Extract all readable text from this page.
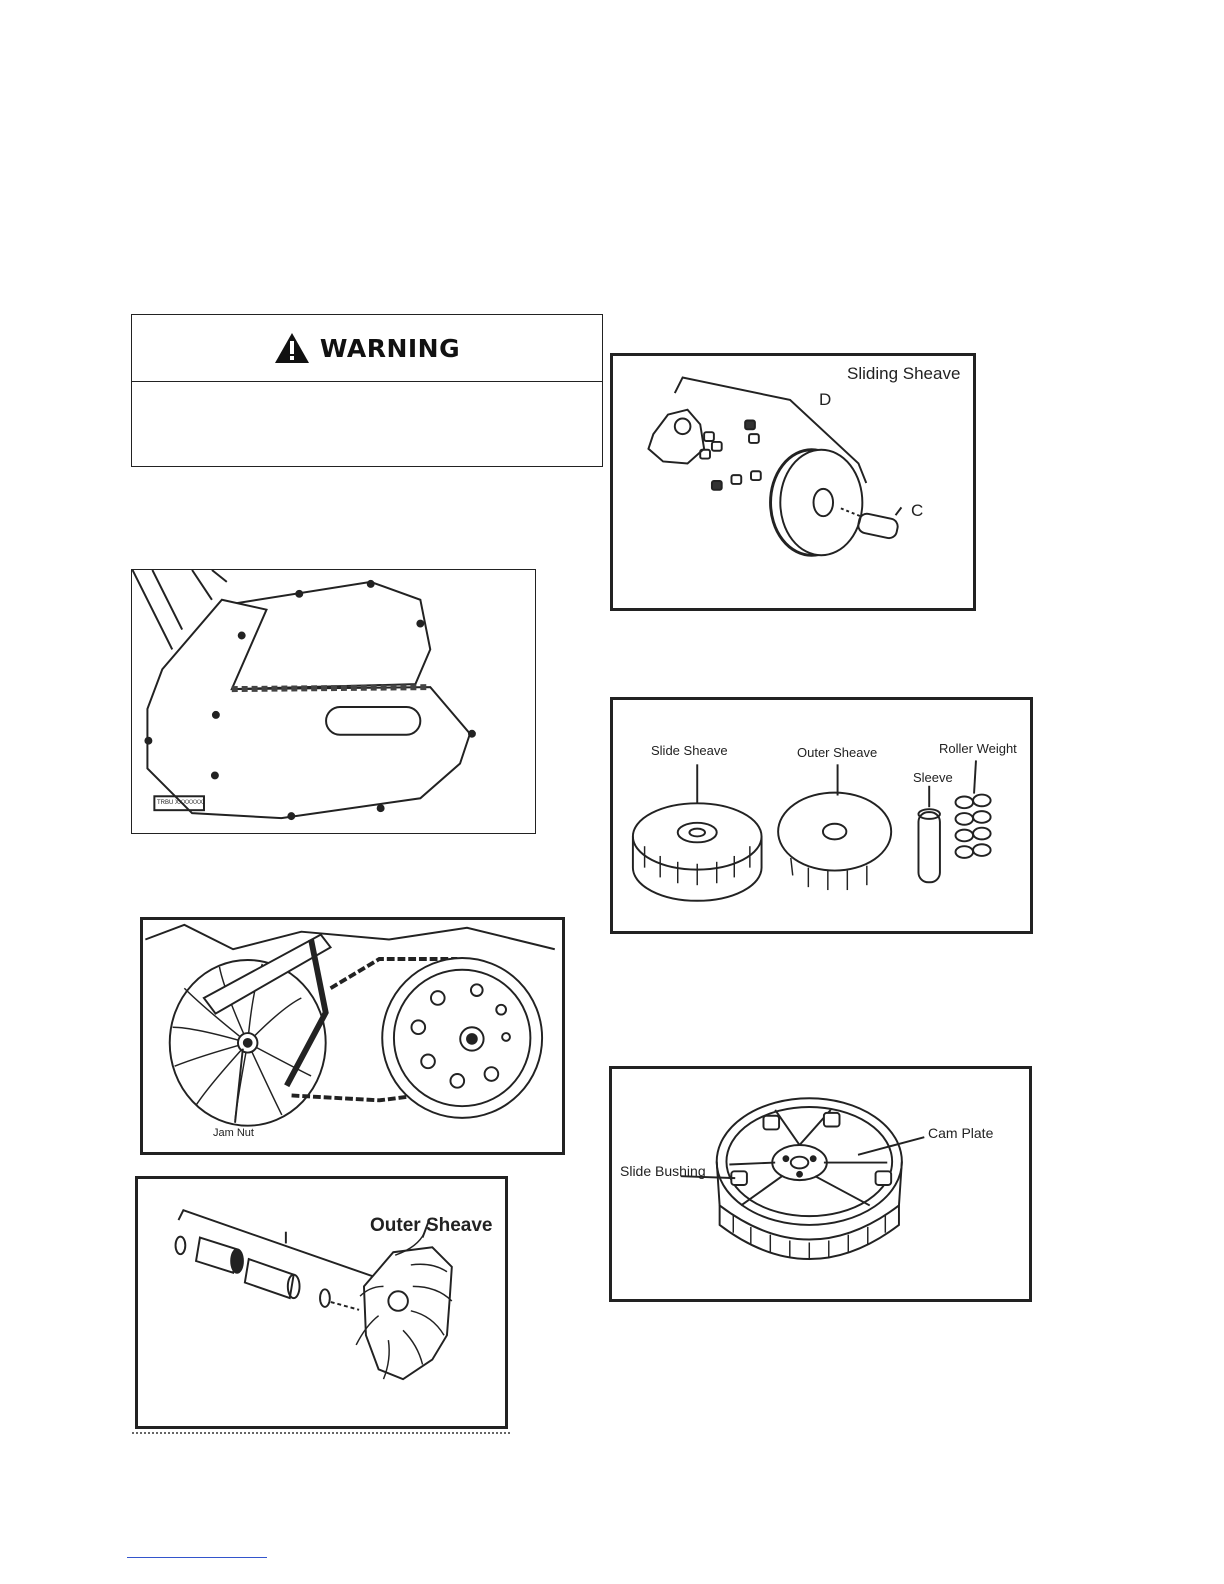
WARNING
Sliding Sheave
D
C
Slide Sheave	Outer Sheave
Sleeve
Roller Weight
TRBU XXXXXXX
Jam Nut
Outer Sheave
Slide Bushing
Cam Plate
